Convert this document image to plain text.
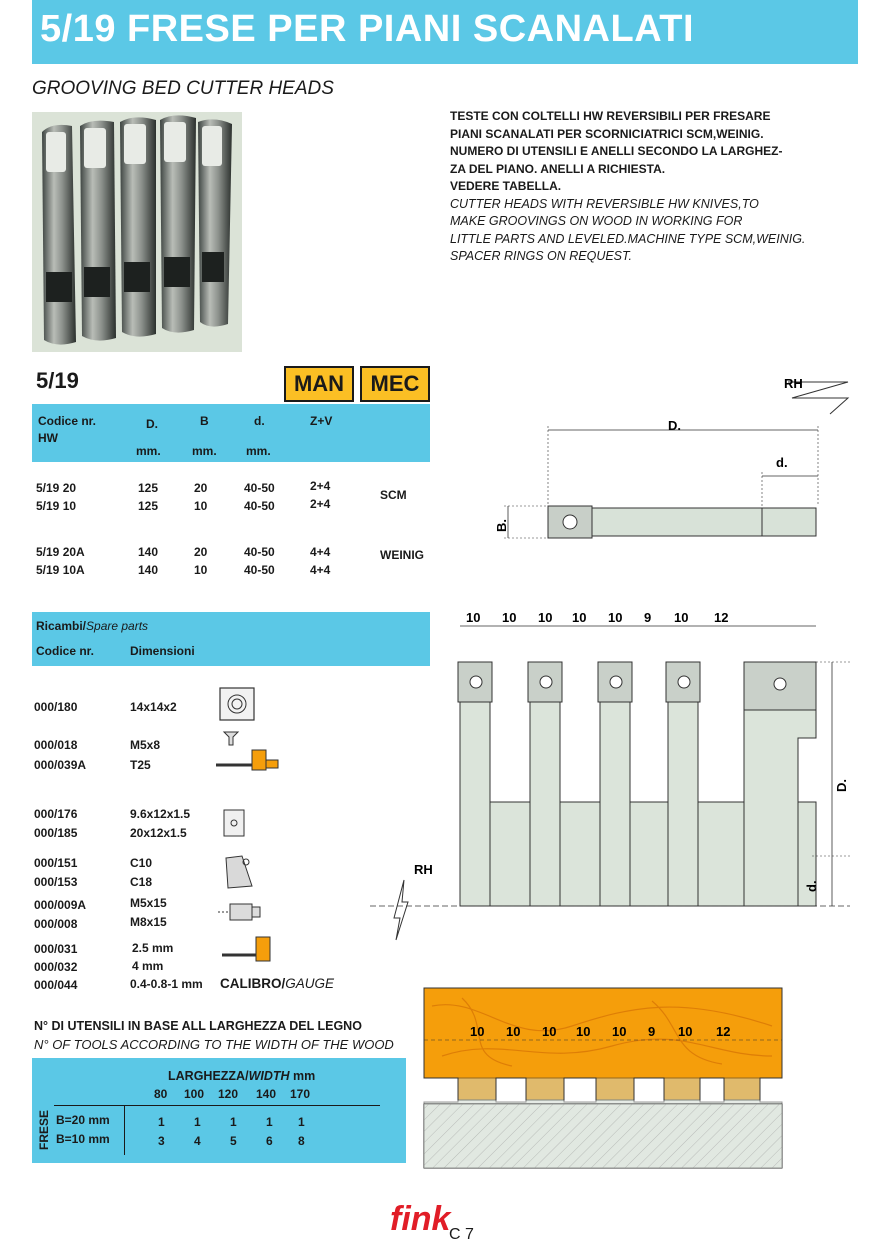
5/19 FRESE PER PIANI SCANALATI
GROOVING BED CUTTER HEADS
TESTE CON COLTELLI HW REVERSIBILI PER FRESARE
PIANI SCANALATI PER SCORNICIATRICI SCM,WEINIG.
NUMERO DI UTENSILI E ANELLI SECONDO LA LARGHEZ-
ZA DEL PIANO. ANELLI A RICHIESTA.
VEDERE TABELLA.
CUTTER HEADS WITH REVERSIBLE HW KNIVES,TO
MAKE GROOVINGS ON WOOD IN WORKING FOR
LITTLE PARTS AND LEVELED.MACHINE TYPE SCM,WEINIG.
SPACER RINGS ON REQUEST.
5/19	MAN	MEC
Codice nr.
HW
D.	B	d.	Z+V
mm.	mm. mm.
5/19 20	125	20	40-50	2+4
5/19 10	125	10	40-50	2+4
SCM
5/19 20A	140	20	40-50	4+4
5/19 10A	140	10	40-50	4+4
WEINIG
Ricambi/Spare parts
Codice nr.	Dimensioni
000/180	14x14x2
000/018	M5x8
000/039A	T25
000/176	9.6x12x1.5
000/185	20x12x1.5
000/151	C10
000/153	C18
000/009A	M5x15
000/008	M8x15
000/031	2.5 mm
000/032	4 mm
000/044	0.4-0.8-1 mm CALIBRO/GAUGE
RH
D.
d.
B.
RH
D.
d.
10 10 10 10 10 9 10 12
10 10 10 10 10 9 10 12
N° DI UTENSILI IN BASE ALL LARGHEZZA DEL LEGNO
N° OF TOOLS ACCORDING TO THE WIDTH OF THE WOOD
LARGHEZZA/WIDTH mm
80 100 120 140 170
B=20 mm	1 1 1 1 1
B=10 mm	3 4 5 6 8
FRESE
fink
C 7
